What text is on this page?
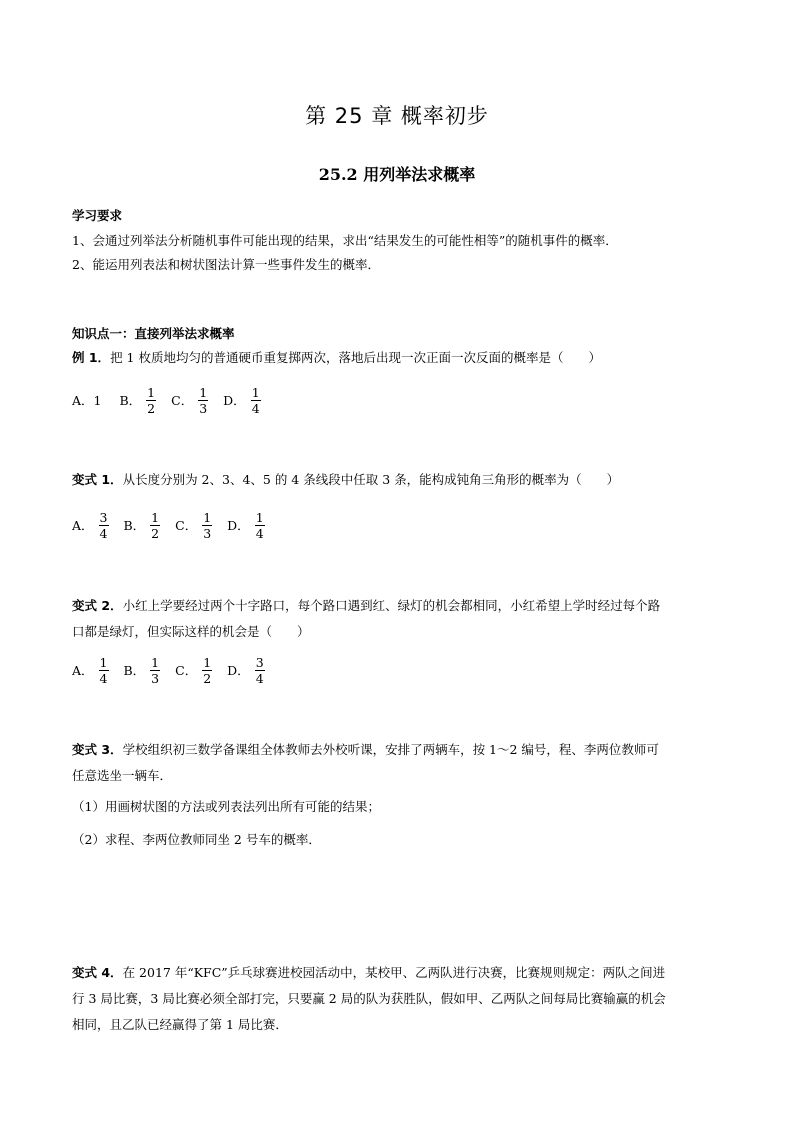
第 25 章 概率初步
25.2 用列举法求概率
学习要求
1、会通过列举法分析随机事件可能出现的结果，求出“结果发生的可能性相等”的随机事件的概率．
2、能运用列表法和树状图法计算一些事件发生的概率．
知识点一：直接列举法求概率
例 1．把 1 枚质地均匀的普通硬币重复掷两次，落地后出现一次正面一次反面的概率是（　　）
A．1 B． $\frac{1}{2}$ C． $\frac{1}{3}$ D． $\frac{1}{4}$
变式 1．从长度分别为 2、3、4、5 的 4 条线段中任取 3 条，能构成钝角三角形的概率为（　　）
A． $\frac{3}{4}$ B． $\frac{1}{2}$ C． $\frac{1}{3}$ D． $\frac{1}{4}$
变式 2．小红上学要经过两个十字路口，每个路口遇到红、绿灯的机会都相同，小红希望上学时经过每个路
口都是绿灯，但实际这样的机会是（　　）
A． $\frac{1}{4}$ B． $\frac{1}{3}$ C． $\frac{1}{2}$ D． $\frac{3}{4}$
变式 3．学校组织初三数学备课组全体教师去外校听课，安排了两辆车，按 1～2 编号，程、李两位教师可
任意选坐一辆车．
（1）用画树状图的方法或列表法列出所有可能的结果；
（2）求程、李两位教师同坐 2 号车的概率．
变式 4．在 2017 年“KFC”乒乓球赛进校园活动中，某校甲、乙两队进行决赛，比赛规则规定：两队之间进
行 3 局比赛，3 局比赛必须全部打完，只要赢 2 局的队为获胜队，假如甲、乙两队之间每局比赛输赢的机会
相同，且乙队已经赢得了第 1 局比赛．
